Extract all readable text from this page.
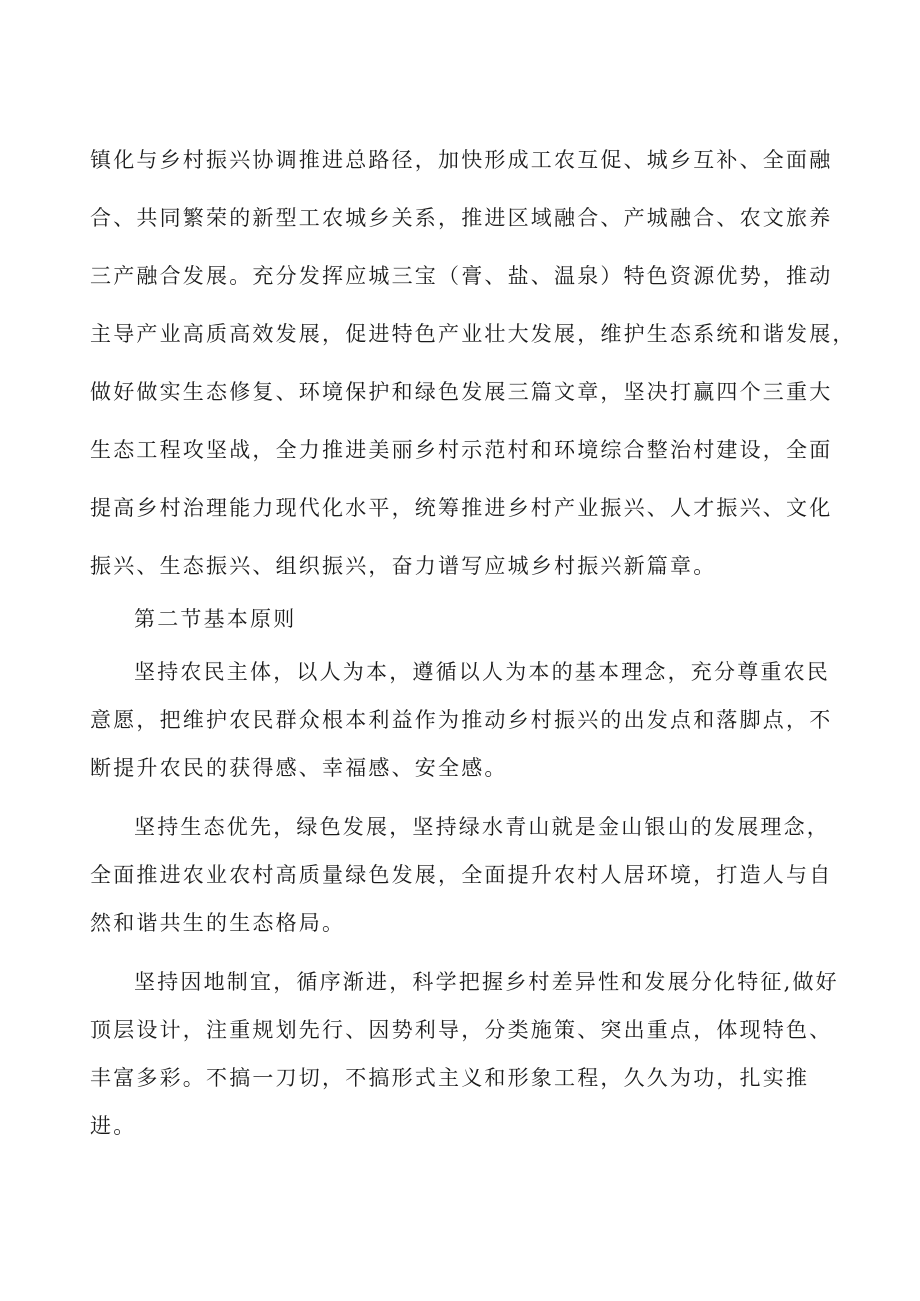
镇化与乡村振兴协调推进总路径，加快形成工农互促、城乡互补、全面融

合、共同繁荣的新型工农城乡关系，推进区域融合、产城融合、农文旅养

三产融合发展。充分发挥应城三宝（膏、盐、温泉）特色资源优势，推动

主导产业高质高效发展，促进特色产业壮大发展，维护生态系统和谐发展，

做好做实生态修复、环境保护和绿色发展三篇文章，坚决打赢四个三重大

生态工程攻坚战，全力推进美丽乡村示范村和环境综合整治村建设，全面

提高乡村治理能力现代化水平，统筹推进乡村产业振兴、人才振兴、文化

振兴、生态振兴、组织振兴，奋力谱写应城乡村振兴新篇章。

第二节基本原则

坚持农民主体，以人为本，遵循以人为本的基本理念，充分尊重农民

意愿，把维护农民群众根本利益作为推动乡村振兴的出发点和落脚点，不

断提升农民的获得感、幸福感、安全感。

坚持生态优先，绿色发展，坚持绿水青山就是金山银山的发展理念，

全面推进农业农村高质量绿色发展，全面提升农村人居环境，打造人与自

然和谐共生的生态格局。

坚持因地制宜，循序渐进，科学把握乡村差异性和发展分化特征,做好

顶层设计，注重规划先行、因势利导，分类施策、突出重点，体现特色、

丰富多彩。不搞一刀切，不搞形式主义和形象工程，久久为功，扎实推

进。
